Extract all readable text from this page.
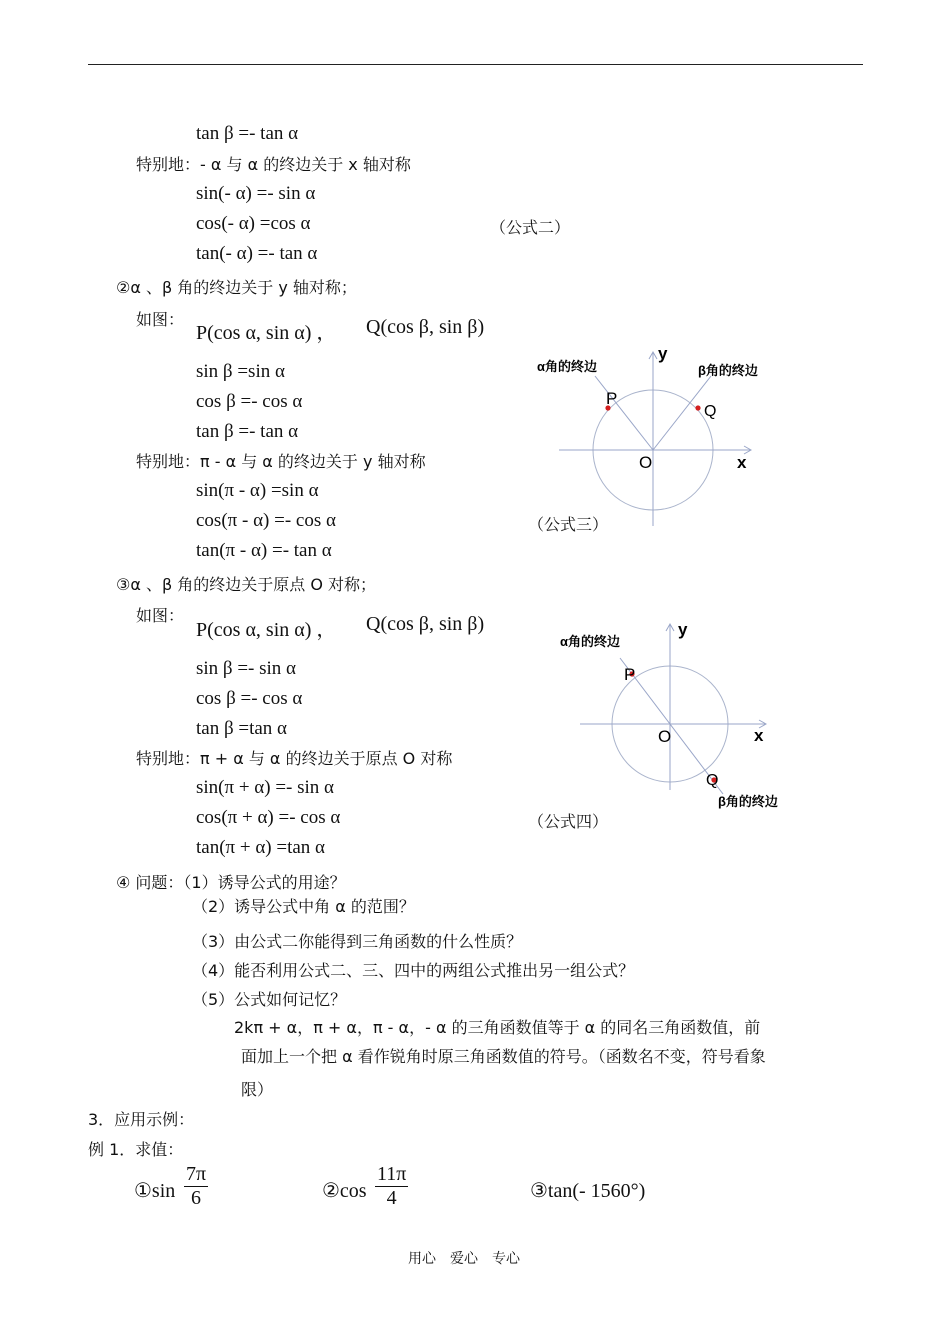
tan β =- tan α
特别地：- α 与 α 的终边关于 x 轴对称
sin(- α) =- sin α
cos(- α) =cos α	（公式二）
tan(- α) =- tan α
②α 、β 角的终边关于 y 轴对称；
如图：
P(cos α, sin α) ， Q(cos β, sin β)
sin β =sin α
cos β =- cos α
tan β =- tan α
特别地：π - α 与 α 的终边关于 y 轴对称
sin(π - α) =sin α
cos(π - α) =- cos α	（公式三）
tan(π - α) =- tan α
α角的终边	β角的终边
P
Q
O	x
y
③α 、β 角的终边关于原点 O 对称；
如图：
P(cos α, sin α) ， Q(cos β, sin β)
sin β =- sin α
cos β =- cos α
tan β =tan α
特别地：π + α 与 α 的终边关于原点 O 对称
sin(π + α) =- sin α
cos(π + α) =- cos α	（公式四）
tan(π + α) =tan α
α角的终边
β角的终边
P
Q
O	x
y
④ 问题：（1）诱导公式的用途？
（2）诱导公式中角 α 的范围？
（3）由公式二你能得到三角函数的什么性质？
（4）能否利用公式二、三、四中的两组公式推出另一组公式？
（5）公式如何记忆？
2kπ + α，π + α，π - α，- α 的三角函数值等于 α 的同名三角函数值，前
面加上一个把 α 看作锐角时原三角函数值的符号。（函数名不变，符号看象
限）
3．应用示例：
例 1．求值：
①sin $\frac{7\pi}{6}$	②cos $\frac{11\pi}{4}$	③tan(- 1560°)
用心　爱心　专心
